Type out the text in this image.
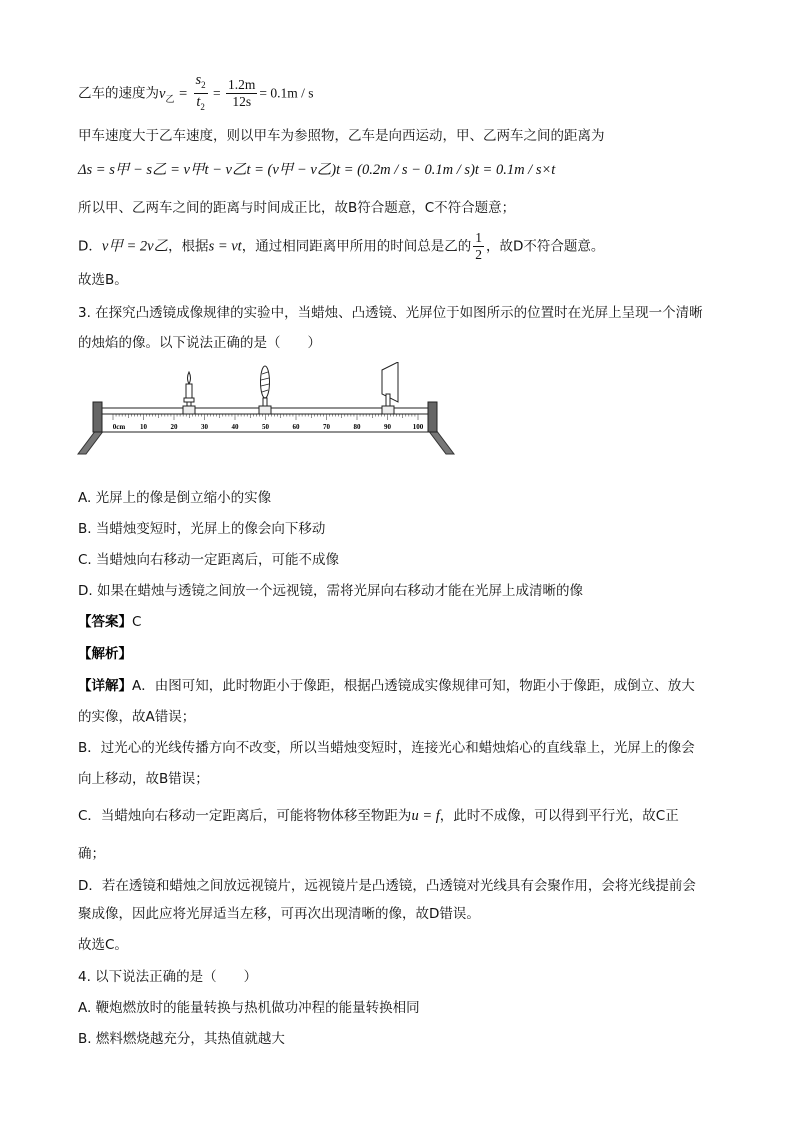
乙车的速度为$v_乙 = \frac{s_2}{t_2} = \frac{1.2m}{12s} = 0.1m / s$
甲车速度大于乙车速度，则以甲车为参照物，乙车是向西运动，甲、乙两车之间的距离为
Δs = s甲 − s乙 = v甲t − v乙t = (v甲 − v乙)t = (0.2m / s − 0.1m / s)t = 0.1m / s×t
所以甲、乙两车之间的距离与时间成正比，故B符合题意，C不符合题意；
D．v甲 = 2v乙，根据s = vt，通过相同距离甲所用的时间总是乙的 $\frac{1}{2}$ ，故D不符合题意。
故选B。
3. 在探究凸透镜成像规律的实验中，当蜡烛、凸透镜、光屏位于如图所示的位置时在光屏上呈现一个清晰
的烛焰的像。以下说法正确的是（　　）
0cm 10	20	30	40	50	60	70	80	90	100
A. 光屏上的像是倒立缩小的实像
B. 当蜡烛变短时，光屏上的像会向下移动
C. 当蜡烛向右移动一定距离后，可能不成像
D. 如果在蜡烛与透镜之间放一个远视镜，需将光屏向右移动才能在光屏上成清晰的像
【答案】C
【解析】
【详解】A．由图可知，此时物距小于像距，根据凸透镜成实像规律可知，物距小于像距，成倒立、放大
的实像，故A错误；
B．过光心的光线传播方向不改变，所以当蜡烛变短时，连接光心和蜡烛焰心的直线靠上，光屏上的像会
向上移动，故B错误；
C．当蜡烛向右移动一定距离后，可能将物体移至物距为u = f，此时不成像，可以得到平行光，故C正
确；
D．若在透镜和蜡烛之间放远视镜片，远视镜片是凸透镜，凸透镜对光线具有会聚作用，会将光线提前会
聚成像，因此应将光屏适当左移，可再次出现清晰的像，故D错误。
故选C。
4. 以下说法正确的是（　　）
A. 鞭炮燃放时的能量转换与热机做功冲程的能量转换相同
B. 燃料燃烧越充分，其热值就越大
